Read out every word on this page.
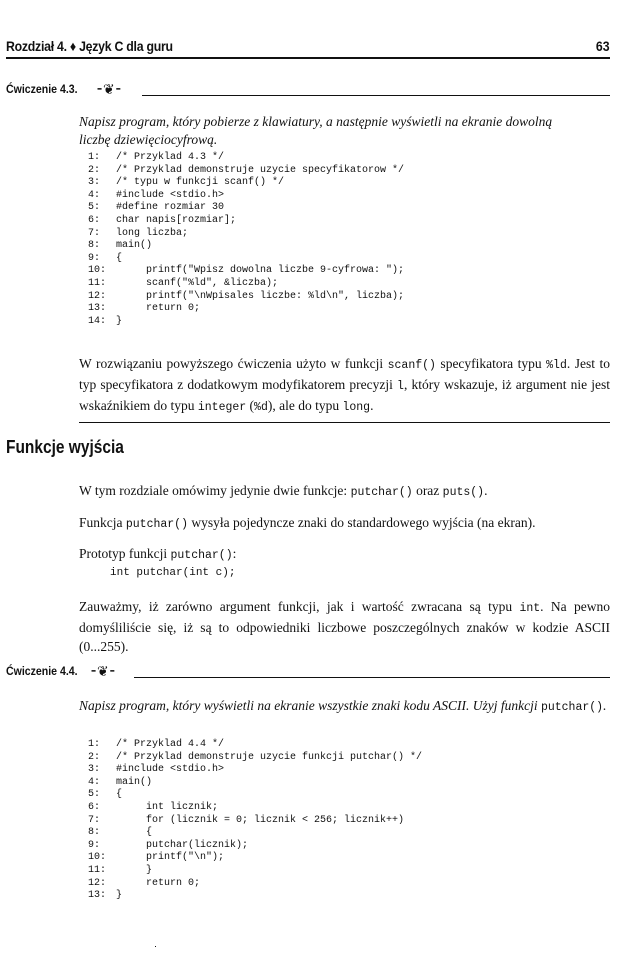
Rozdział 4. ♦ Język C dla guru	63
Ćwiczenie 4.3. ⁃❦⁃
Napisz program, który pobierze z klawiatury, a następnie wyświetli na ekranie dowolną
liczbę dziewięciocyfrową.
1: /* Przyklad 4.3 */
2: /* Przyklad demonstruje uzycie specyfikatorow */
3: /* typu w funkcji scanf() */
4: #include <stdio.h>
5: #define rozmiar 30
6: char napis[rozmiar];
7: long liczba;
8: main()
9: {
10:     printf("Wpisz dowolna liczbe 9-cyfrowa: ");
11:     scanf("%ld", &liczba);
12:     printf("\nWpisales liczbe: %ld\n", liczba);
13:     return 0;
14: }
W rozwiązaniu powyższego ćwiczenia użyto w funkcji scanf() specyfikatora typu %ld. Jest to typ specyfikatora z dodatkowym modyfikatorem precyzji l, który wskazuje, iż argument nie jest wskaźnikiem do typu integer (%d), ale do typu long.
Funkcje wyjścia
W tym rozdziale omówimy jedynie dwie funkcje: putchar() oraz puts().
Funkcja putchar() wysyła pojedyncze znaki do standardowego wyjścia (na ekran).
Prototyp funkcji putchar():
int putchar(int c);
Zauważmy, iż zarówno argument funkcji, jak i wartość zwracana są typu int. Na pewno domyśliliście się, iż są to odpowiedniki liczbowe poszczególnych znaków w kodzie ASCII (0...255).
Ćwiczenie 4.4. ⁃❦⁃
Napisz program, który wyświetli na ekranie wszystkie znaki kodu ASCII. Użyj funkcji putchar().
1: /* Przyklad 4.4 */
2: /* Przyklad demonstruje uzycie funkcji putchar() */
3: #include <stdio.h>
4: main()
5: {
6:     int licznik;
7:     for (licznik = 0; licznik < 256; licznik++)
8:     {
9:     putchar(licznik);
10:     printf("\n");
11:     }
12:     return 0;
13: }
